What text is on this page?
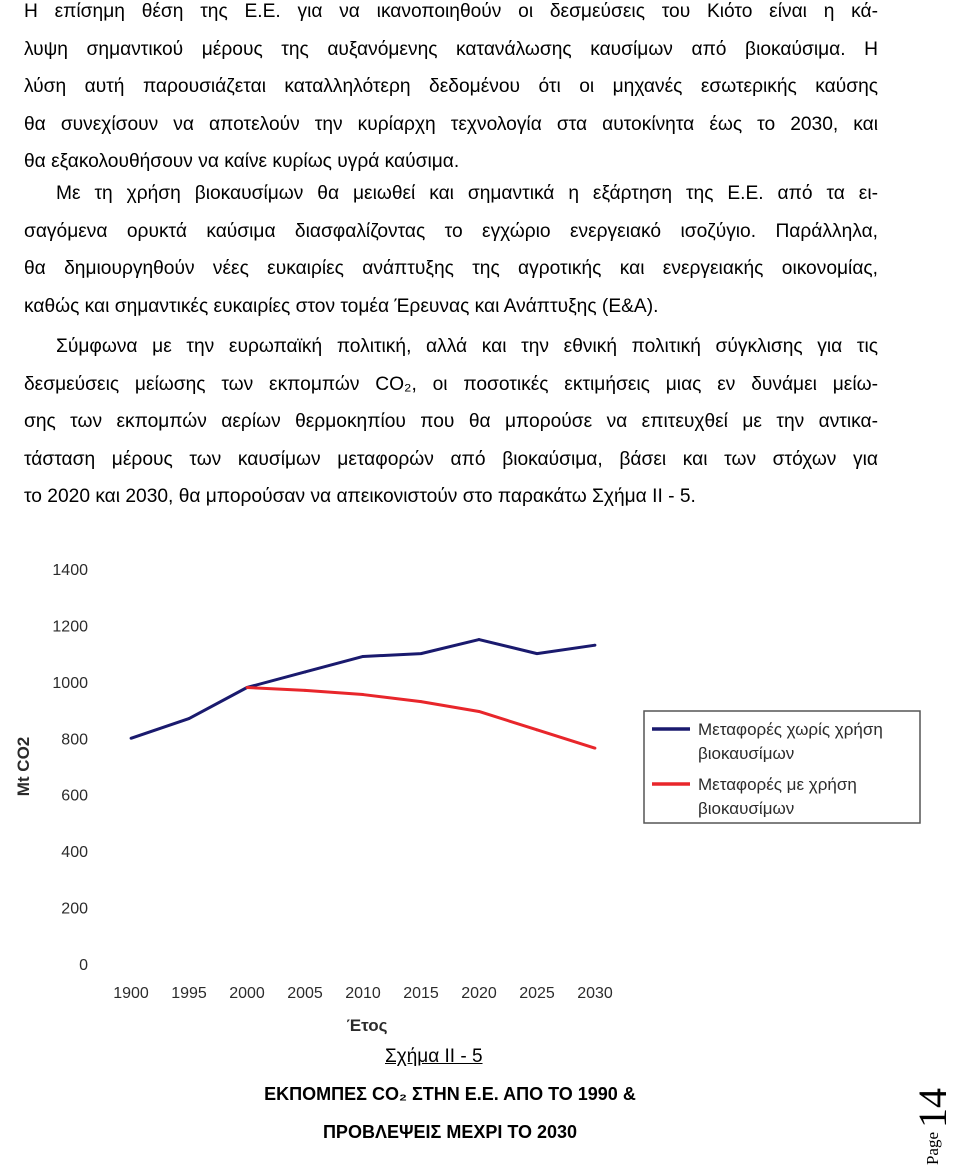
Η επίσημη θέση της Ε.Ε. για να ικανοποιηθούν οι δεσμεύσεις του Κιότο είναι η κά-
λυψη σημαντικού μέρους της αυξανόμενης κατανάλωσης καυσίμων από βιοκαύσιμα. Η
λύση αυτή παρουσιάζεται καταλληλότερη δεδομένου ότι οι μηχανές εσωτερικής καύσης
θα συνεχίσουν να αποτελούν την κυρίαρχη τεχνολογία στα αυτοκίνητα έως το 2030, και
θα εξακολουθήσουν να καίνε κυρίως υγρά καύσιμα.
Με τη χρήση βιοκαυσίμων θα μειωθεί και σημαντικά η εξάρτηση της Ε.Ε. από τα ει-
σαγόμενα ορυκτά καύσιμα διασφαλίζοντας το εγχώριο ενεργειακό ισοζύγιο. Παράλληλα,
θα δημιουργηθούν νέες ευκαιρίες ανάπτυξης της αγροτικής και ενεργειακής οικονομίας,
καθώς και σημαντικές ευκαιρίες στον τομέα Έρευνας και Ανάπτυξης (Ε&Α).
Σύμφωνα με την ευρωπαϊκή πολιτική, αλλά και την εθνική πολιτική σύγκλισης για τις
δεσμεύσεις μείωσης των εκπομπών CO₂, οι ποσοτικές εκτιμήσεις μιας εν δυνάμει μείω-
σης των εκπομπών αερίων θερμοκηπίου που θα μπορούσε να επιτευχθεί με την αντικα-
τάσταση μέρους των καυσίμων μεταφορών από βιοκαύσιμα, βάσει και των στόχων για
το 2020 και 2030, θα μπορούσαν να απεικονιστούν στο παρακάτω Σχήμα ΙΙ - 5.
0
200
400
600
800
1000
1200
1400
1900 1995 2000 2005 2010 2015 2020 2025 2030
Έτος
Mt CO2
Μεταφορές χωρίς χρήση βιοκαυσίμων
Μεταφορές με χρήση βιοκαυσίμων
Σχήμα ΙΙ - 5
ΕΚΠΟΜΠΕΣ CO₂ ΣΤΗΝ Ε.Ε. ΑΠΟ ΤΟ 1990 &
ΠΡΟΒΛΕΨΕΙΣ ΜΕΧΡΙ ΤΟ 2030	Page 14
